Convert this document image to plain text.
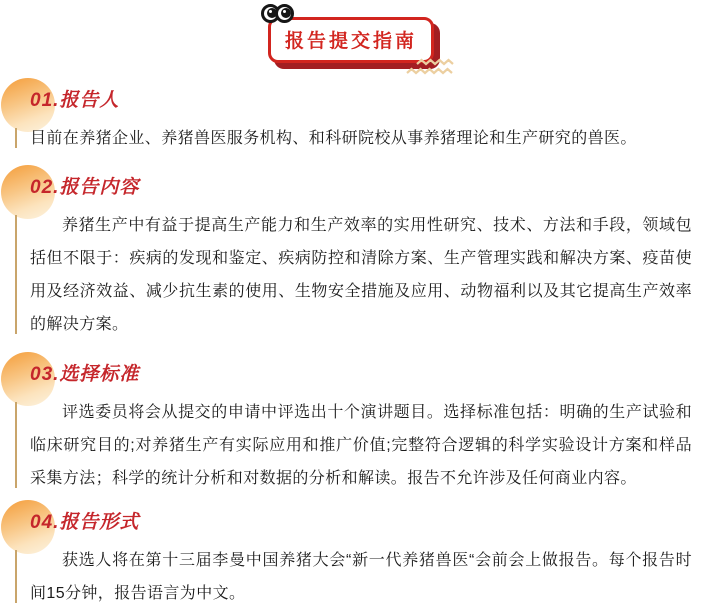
报告提交指南
01.报告人

目前在养猪企业、养猪兽医服务机构、和科研院校从事养猪理论和生产研究的兽医。

02.报告内容

养猪生产中有益于提高生产能力和生产效率的实用性研究、技术、方法和手段，领域包括但不限于：疾病的发现和鉴定、疾病防控和清除方案、生产管理实践和解决方案、疫苗使用及经济效益、减少抗生素的使用、生物安全措施及应用、动物福利以及其它提高生产效率的解决方案。

03.选择标准

评选委员将会从提交的申请中评选出十个演讲题目。选择标准包括：明确的生产试验和临床研究目的;对养猪生产有实际应用和推广价值;完整符合逻辑的科学实验设计方案和样品采集方法；科学的统计分析和对数据的分析和解读。报告不允许涉及任何商业内容。

04.报告形式

获选人将在第十三届李曼中国养猪大会“新一代养猪兽医“会前会上做报告。每个报告时间15分钟，报告语言为中文。
